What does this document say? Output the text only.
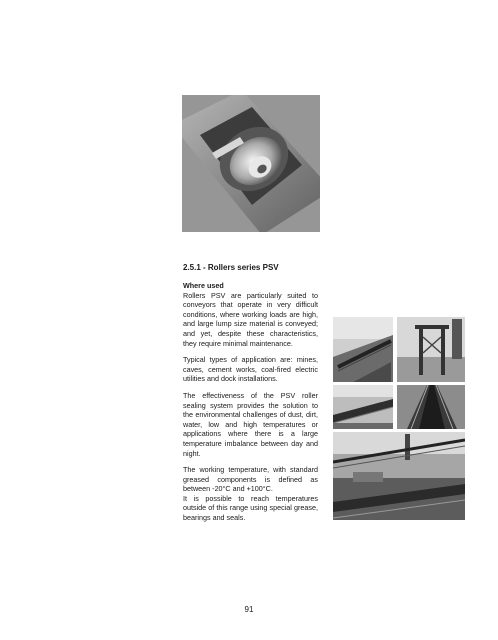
2.5.1 - Rollers series PSV

Where used

Rollers PSV are particularly suited to conveyors that operate in very difficult conditions, where working loads are high, and large lump size material is conveyed; and yet, despite these characteristics, they require minimal maintenance.

Typical types of application are: mines, caves, cement works, coal-fired electric utilities and dock installations.

The effectiveness of the PSV roller sealing system provides the solution to the environmental challenges of dust, dirt, water, low and high temperatures or applications where there is a large temperature imbalance between day and night.

The working temperature, with standard greased components is defined as between -20°C and +100°C.

It is possible to reach temperatures outside of this range using special grease, bearings and seals.

91
